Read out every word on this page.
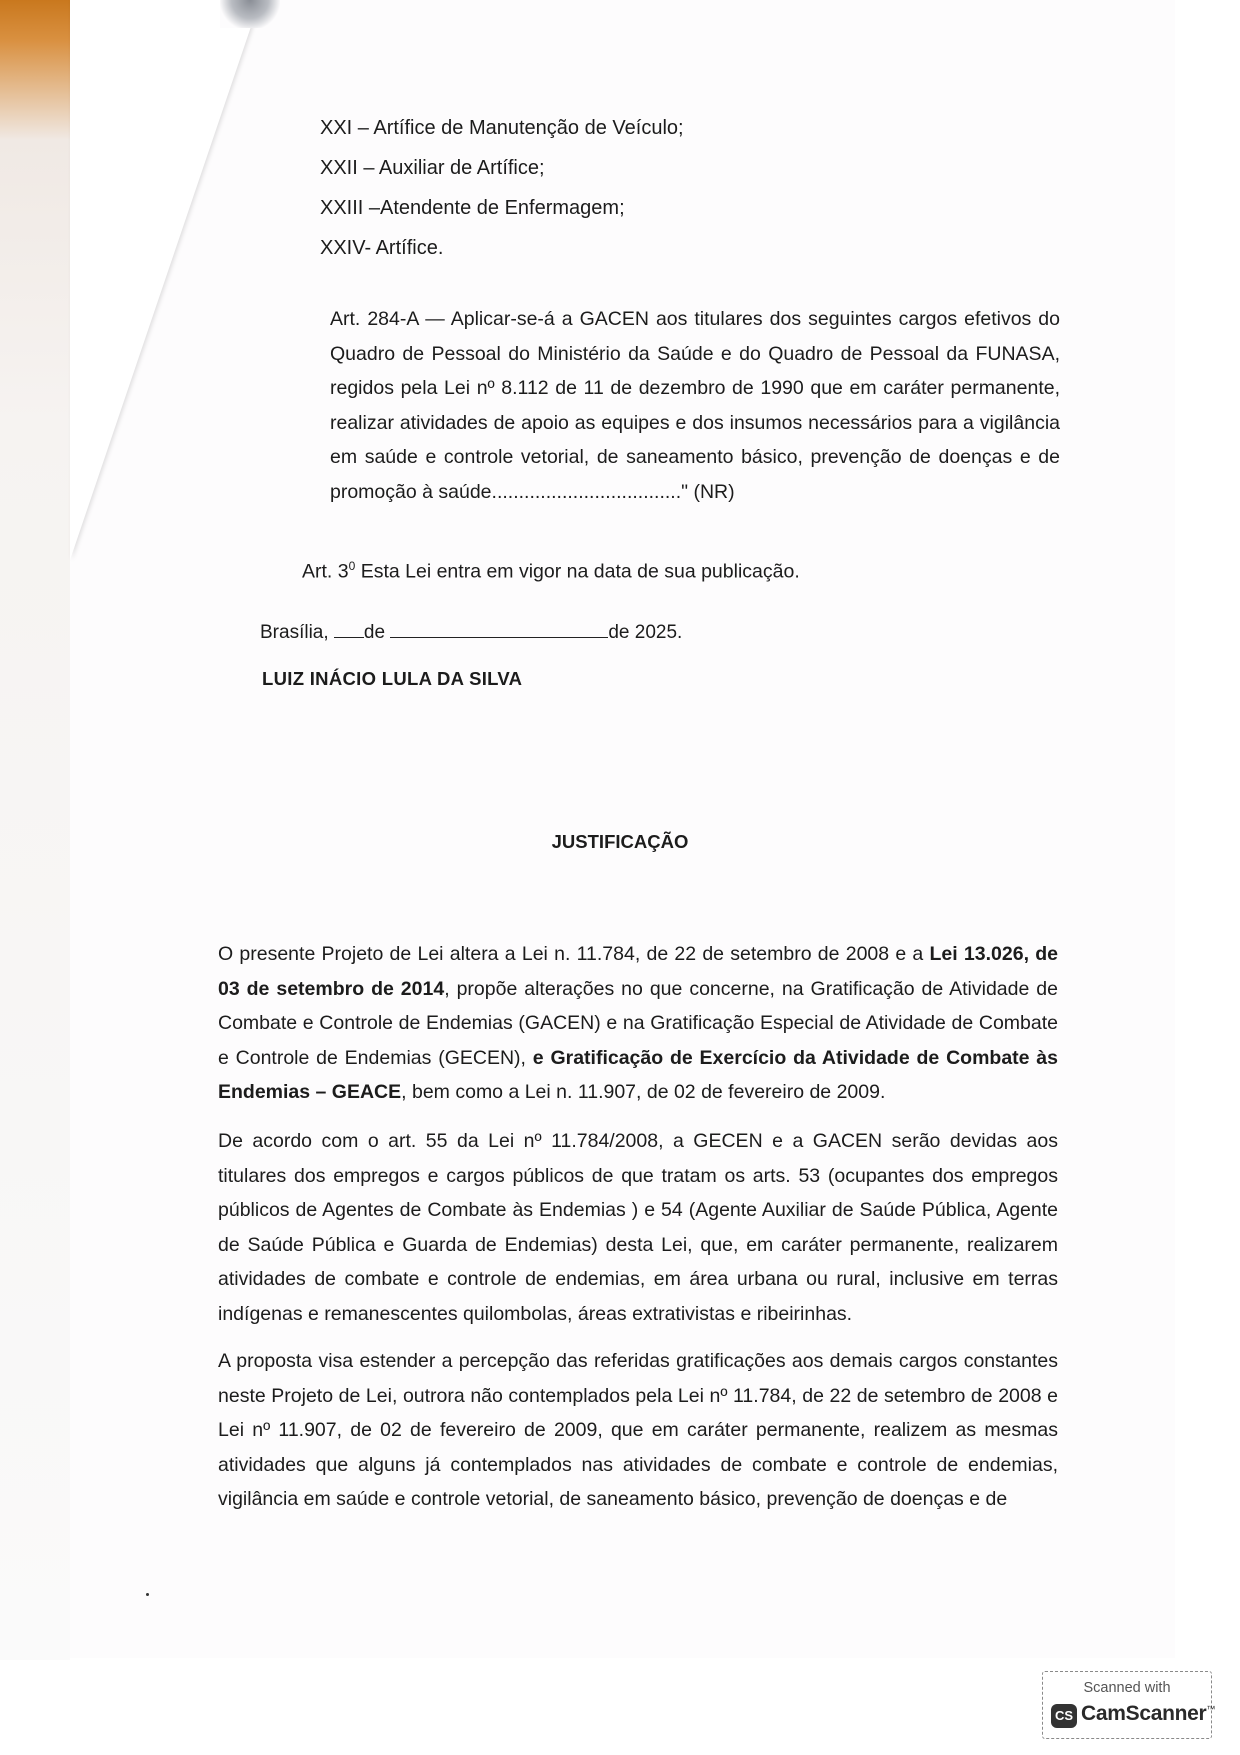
XXI – Artífice de Manutenção de Veículo;
XXII – Auxiliar de Artífice;
XXIII –Atendente de Enfermagem;
XXIV- Artífice.
Art. 284-A — Aplicar-se-á a GACEN aos titulares dos seguintes cargos efetivos do Quadro de Pessoal do Ministério da Saúde e do Quadro de Pessoal da FUNASA, regidos pela Lei nº 8.112 de 11 de dezembro de 1990 que em caráter permanente, realizar atividades de apoio as equipes e dos insumos necessários para a vigilância em saúde e controle vetorial, de saneamento básico, prevenção de doenças e de promoção à saúde..................................." (NR)
Art. $3^0$ Esta Lei entra em vigor na data de sua publicação.
Brasília, de	de 2025.
LUIZ INÁCIO LULA DA SILVA
JUSTIFICAÇÃO
O presente Projeto de Lei altera a Lei n. 11.784, de 22 de setembro de 2008 e a Lei 13.026, de 03 de setembro de 2014, propõe alterações no que concerne, na Gratificação de Atividade de Combate e Controle de Endemias (GACEN) e na Gratificação Especial de Atividade de Combate e Controle de Endemias (GECEN), e Gratificação de Exercício da Atividade de Combate às Endemias – GEACE, bem como a Lei n. 11.907, de 02 de fevereiro de 2009.
De acordo com o art. 55 da Lei nº 11.784/2008, a GECEN e a GACEN serão devidas aos titulares dos empregos e cargos públicos de que tratam os arts. 53 (ocupantes dos empregos públicos de Agentes de Combate às Endemias ) e 54 (Agente Auxiliar de Saúde Pública, Agente de Saúde Pública e Guarda de Endemias) desta Lei, que, em caráter permanente, realizarem atividades de combate e controle de endemias, em área urbana ou rural, inclusive em terras indígenas e remanescentes quilombolas, áreas extrativistas e ribeirinhas.
A proposta visa estender a percepção das referidas gratificações aos demais cargos constantes neste Projeto de Lei, outrora não contemplados pela Lei nº 11.784, de 22 de setembro de 2008 e Lei nº 11.907, de 02 de fevereiro de 2009, que em caráter permanente, realizem as mesmas atividades que alguns já contemplados nas atividades de combate e controle de endemias, vigilância em saúde e controle vetorial, de saneamento básico, prevenção de doenças e de
Scanned with
CS CamScanner™
